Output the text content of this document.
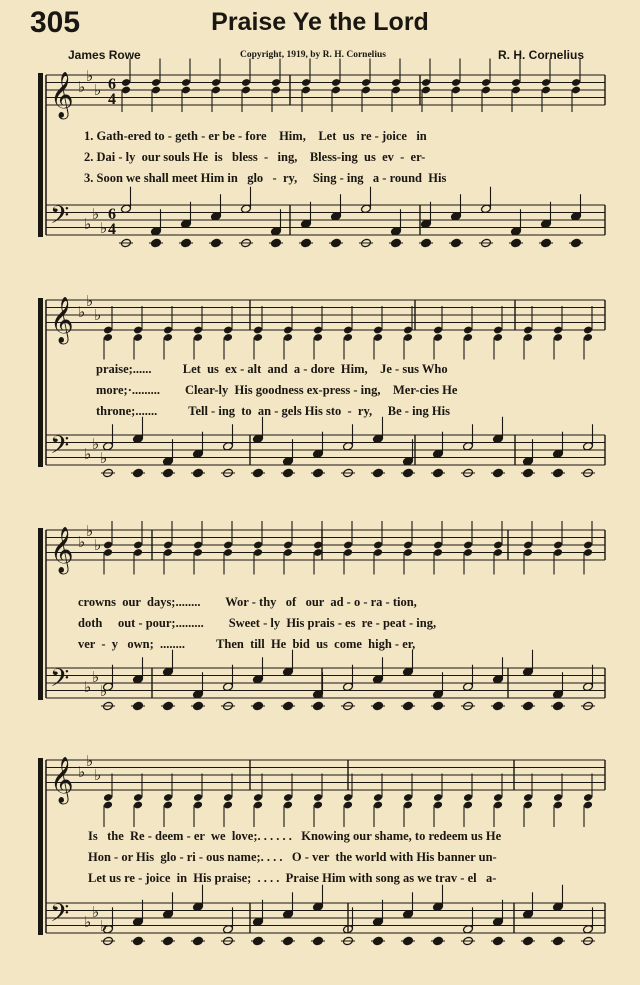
305	Praise Ye the Lord
James Rowe	Copyright, 1919, by R. H. Cornelius	R. H. Cornelius
𝄞 ♭
♭
♭ 6
4
𝄢 ♭
♭
♭
6
4
𝄞 ♭
♭
♭
𝄢 ♭
♭
♭
𝄞 ♭
♭
♭
𝄢 ♭
♭
♭
𝄞 ♭
♭
♭
𝄢 ♭
♭
♭
1. Gath-ered to - geth - er be - fore    Him,    Let  us  re - joice   in
2. Dai - ly  our souls He  is   bless  -   ing,    Bless-ing  us  ev  -  er-
3. Soon we shall meet Him in   glo   -  ry,     Sing - ing   a - round  His
praise;......          Let  us  ex - alt  and  a - dore  Him,    Je - sus Who
more;·.........        Clear-ly  His goodness ex-press - ing,    Mer-cies He
throne;.......          Tell - ing  to  an - gels His sto  -  ry,     Be - ing His
crowns  our  days;........        Wor - thy   of   our  ad - o - ra - tion,
doth     out - pour;.........        Sweet - ly  His prais - es  re - peat - ing,
ver  -  y   own;  ........          Then  till  He  bid  us  come  high - er,
Is   the  Re - deem - er  we  love;. . . . . .   Knowing our shame, to redeem us He
Hon - or His  glo - ri - ous name;. . . .   O - ver  the world with His banner un-
Let us re - joice  in  His praise;  . . . .  Praise Him with song as we trav - el   a-
